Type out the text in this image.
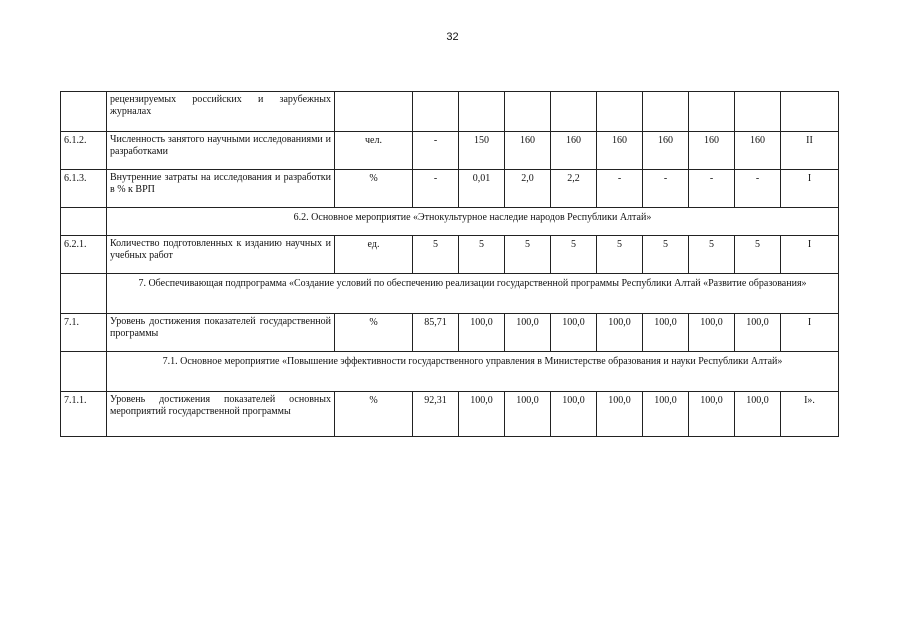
32
	рецензируемых российских и зарубежных журналах										
6.1.2.	Численность занятого научными исследованиями и разработками	чел.	-	150	160	160	160	160	160	160	II
6.1.3.	Внутренние затраты на исследования и разработки в % к ВРП	%	-	0,01	2,0	2,2	-	-	-	-	I
	6.2. Основное мероприятие «Этнокультурное наследие народов Республики Алтай»										
6.2.1.	Количество подготовленных к изданию научных и учебных работ	ед.	5	5	5	5	5	5	5	5	I
	7. Обеспечивающая подпрограмма «Создание условий по обеспечению реализации государственной программы Республики Алтай «Развитие образования»										
7.1.	Уровень достижения показателей государственной программы	%	85,71	100,0	100,0	100,0	100,0	100,0	100,0	100,0	I
	7.1. Основное мероприятие «Повышение эффективности государственного управления в Министерстве образования и науки Республики Алтай»										
7.1.1.	Уровень достижения показателей основных мероприятий государственной программы	%	92,31	100,0	100,0	100,0	100,0	100,0	100,0	100,0	I».
